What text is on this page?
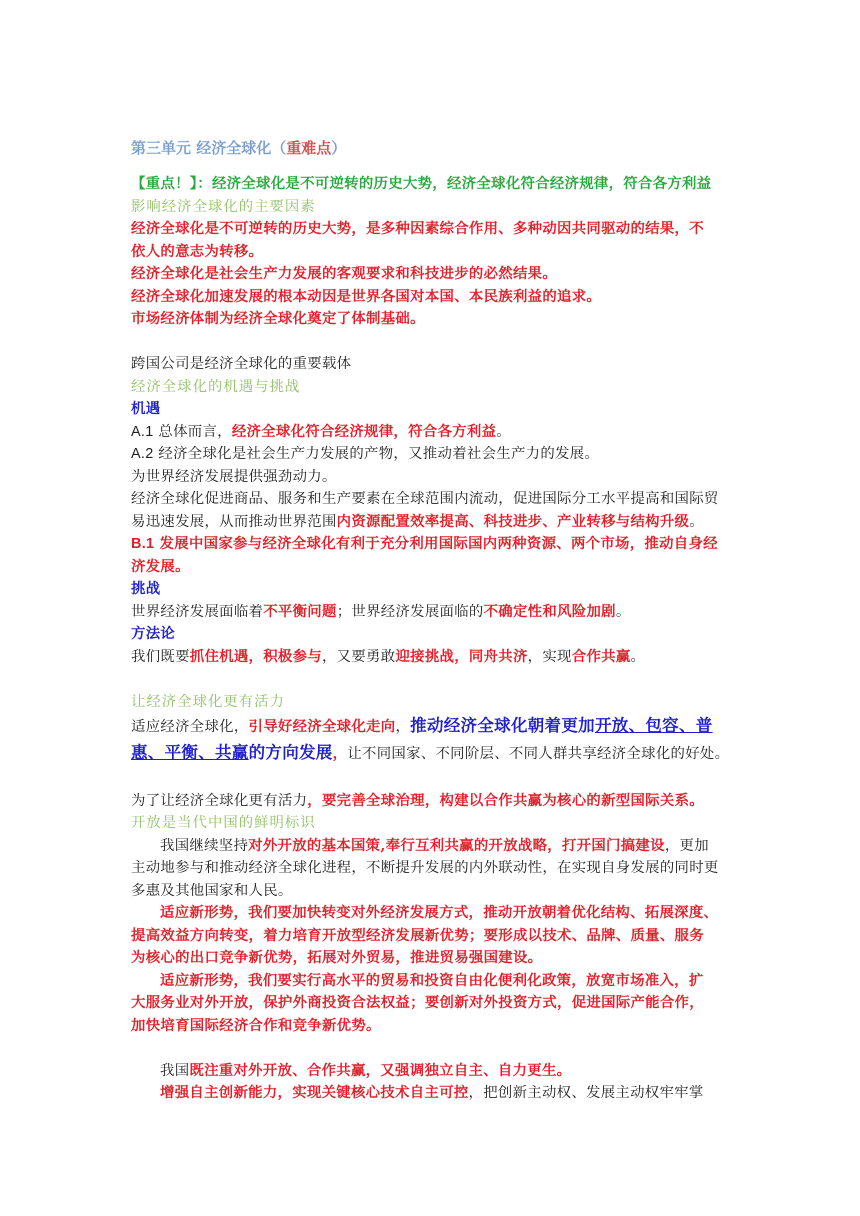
第三单元 经济全球化（重难点）
【重点！】：经济全球化是不可逆转的历史大势，经济全球化符合经济规律，符合各方利益
影响经济全球化的主要因素
经济全球化是不可逆转的历史大势，是多种因素综合作用、多种动因共同驱动的结果，不
依人的意志为转移。
经济全球化是社会生产力发展的客观要求和科技进步的必然结果。
经济全球化加速发展的根本动因是世界各国对本国、本民族利益的追求。
市场经济体制为经济全球化奠定了体制基础。
跨国公司是经济全球化的重要载体
经济全球化的机遇与挑战
机遇
A.1 总体而言，经济全球化符合经济规律，符合各方利益。
A.2 经济全球化是社会生产力发展的产物，又推动着社会生产力的发展。
为世界经济发展提供强劲动力。
经济全球化促进商品、服务和生产要素在全球范围内流动，促进国际分工水平提高和国际贸
易迅速发展，从而推动世界范围内资源配置效率提高、科技进步、产业转移与结构升级。
B.1 发展中国家参与经济全球化有利于充分利用国际国内两种资源、两个市场，推动自身经
济发展。
挑战
世界经济发展面临着不平衡问题；世界经济发展面临的不确定性和风险加剧。
方法论
我们既要抓住机遇，积极参与，又要勇敢迎接挑战，同舟共济，实现合作共赢。
让经济全球化更有活力
适应经济全球化，引导好经济全球化走向，推动经济全球化朝着更加开放、包容、普
惠、平衡、共赢的方向发展，让不同国家、不同阶层、不同人群共享经济全球化的好处。
为了让经济全球化更有活力，要完善全球治理，构建以合作共赢为核心的新型国际关系。
开放是当代中国的鲜明标识
我国继续坚持对外开放的基本国策,奉行互利共赢的开放战略，打开国门搞建设，更加
主动地参与和推动经济全球化进程，不断提升发展的内外联动性，在实现自身发展的同时更
多惠及其他国家和人民。
适应新形势，我们要加快转变对外经济发展方式，推动开放朝着优化结构、拓展深度、
提高效益方向转变，着力培育开放型经济发展新优势；要形成以技术、品牌、质量、服务
为核心的出口竞争新优势，拓展对外贸易，推进贸易强国建设。
适应新形势，我们要实行高水平的贸易和投资自由化便利化政策，放宽市场准入，扩
大服务业对外开放，保护外商投资合法权益；要创新对外投资方式，促进国际产能合作，
加快培育国际经济合作和竞争新优势。
我国既注重对外开放、合作共赢，又强调独立自主、自力更生。
增强自主创新能力，实现关键核心技术自主可控，把创新主动权、发展主动权牢牢掌
